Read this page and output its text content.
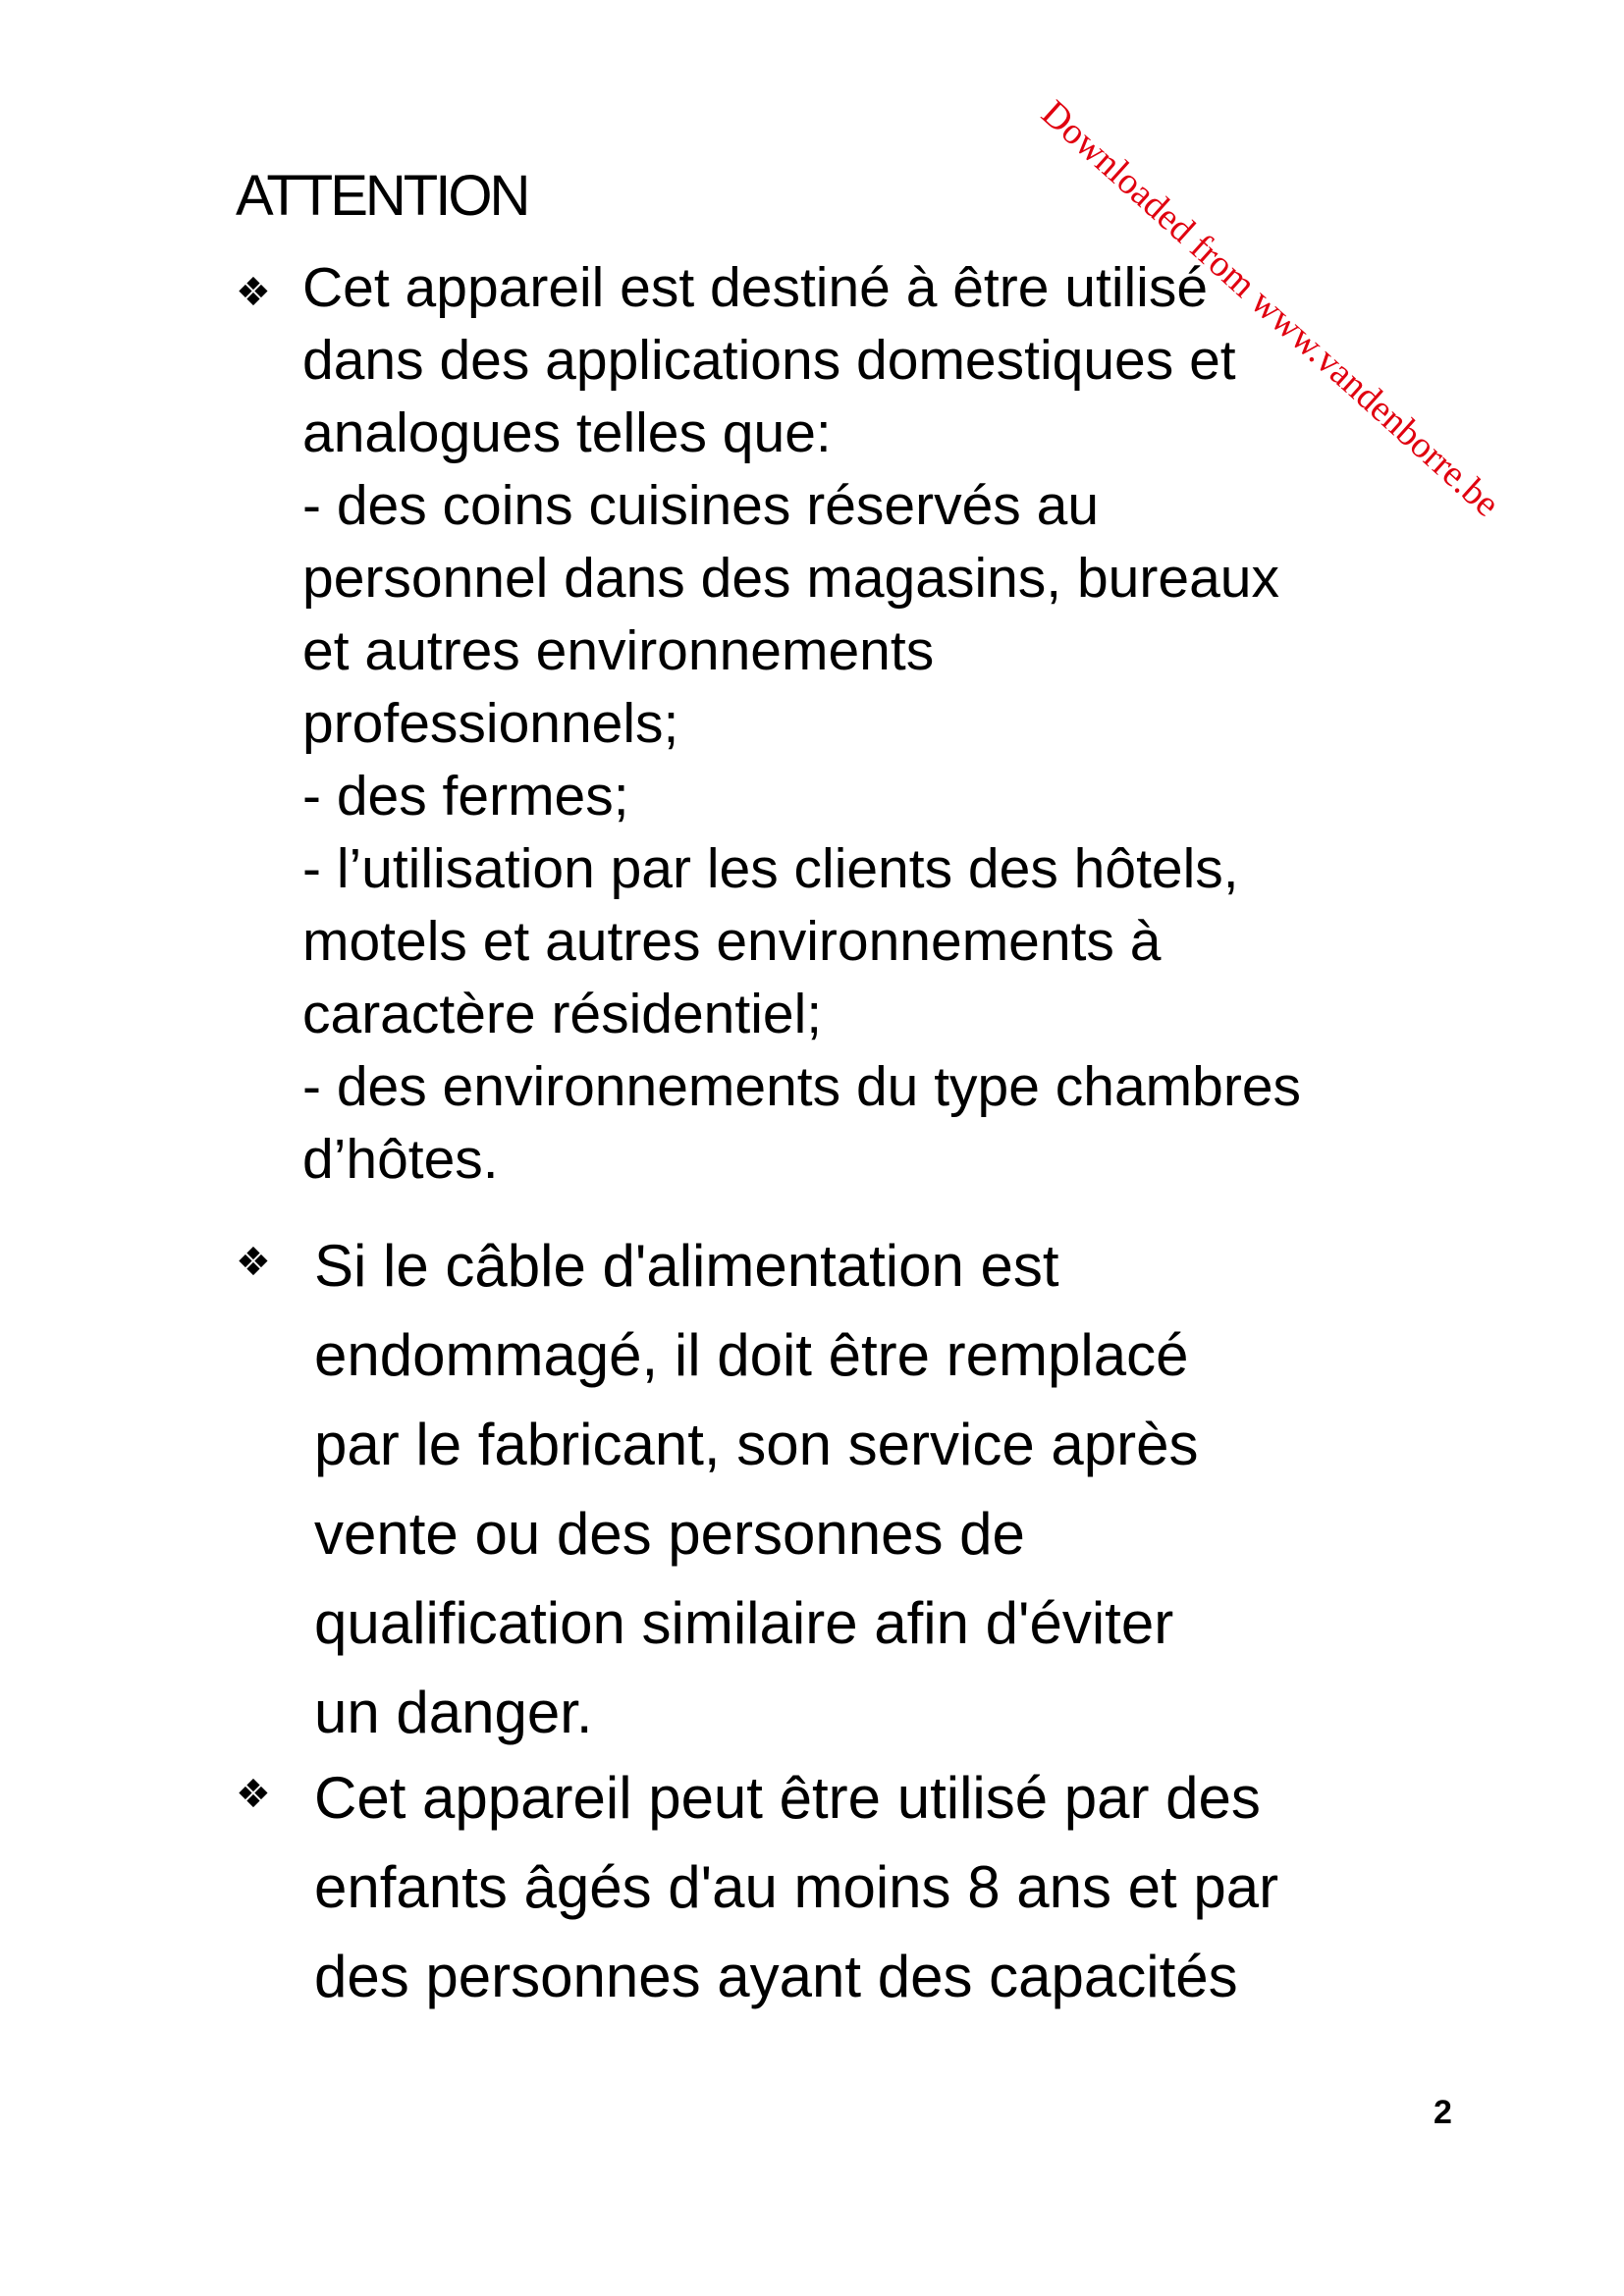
ATTENTION
❖ Cet appareil est destiné à être utilisé
dans des applications domestiques et
analogues telles que:
- des coins cuisines réservés au
personnel dans des magasins, bureaux
et autres environnements
professionnels;
- des fermes;
- l’utilisation par les clients des hôtels,
motels et autres environnements à
caractère résidentiel;
- des environnements du type chambres
d’hôtes.
❖ Si le câble d'alimentation est
endommagé, il doit être remplacé
par le fabricant, son service après
vente ou des personnes de
qualification similaire afin d'éviter
un danger.
❖ Cet appareil peut être utilisé par des
enfants âgés d'au moins 8 ans et par
des personnes ayant des capacités
2
Downloaded from www.vandenborre.be
